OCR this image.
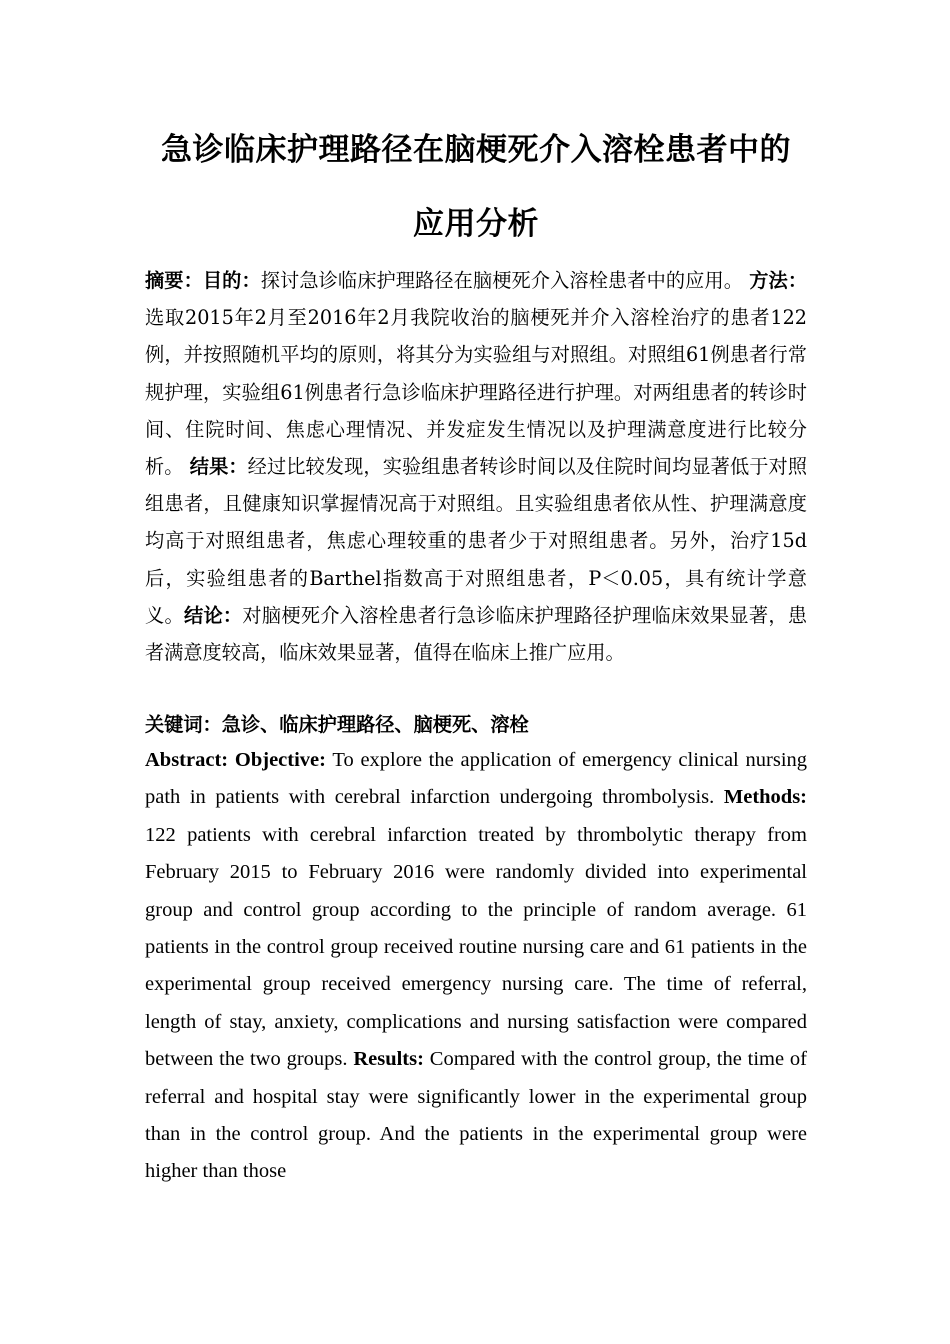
急诊临床护理路径在脑梗死介入溶栓患者中的
应用分析

摘要：目的：探讨急诊临床护理路径在脑梗死介入溶栓患者中的应用。 方法：选取2015年2月至2016年2月我院收治的脑梗死并介入溶栓治疗的患者122例，并按照随机平均的原则，将其分为实验组与对照组。对照组61例患者行常规护理，实验组61例患者行急诊临床护理路径进行护理。对两组患者的转诊时间、住院时间、焦虑心理情况、并发症发生情况以及护理满意度进行比较分析。 结果：经过比较发现，实验组患者转诊时间以及住院时间均显著低于对照组患者，且健康知识掌握情况高于对照组。且实验组患者依从性、护理满意度均高于对照组患者，焦虑心理较重的患者少于对照组患者。另外，治疗15d后，实验组患者的Barthel指数高于对照组患者，P＜0.05，具有统计学意义。结论：对脑梗死介入溶栓患者行急诊临床护理路径护理临床效果显著，患者满意度较高，临床效果显著，值得在临床上推广应用。

关键词：急诊、临床护理路径、脑梗死、溶栓

Abstract: Objective: To explore the application of emergency clinical nursing path in patients with cerebral infarction undergoing thrombolysis. Methods: 122 patients with cerebral infarction treated by thrombolytic therapy from February 2015 to February 2016 were randomly divided into experimental group and control group according to the principle of random average. 61 patients in the control group received routine nursing care and 61 patients in the experimental group received emergency nursing care. The time of referral, length of stay, anxiety, complications and nursing satisfaction were compared between the two groups. Results: Compared with the control group, the time of referral and hospital stay were significantly lower in the experimental group than in the control group. And the patients in the experimental group were higher than those
